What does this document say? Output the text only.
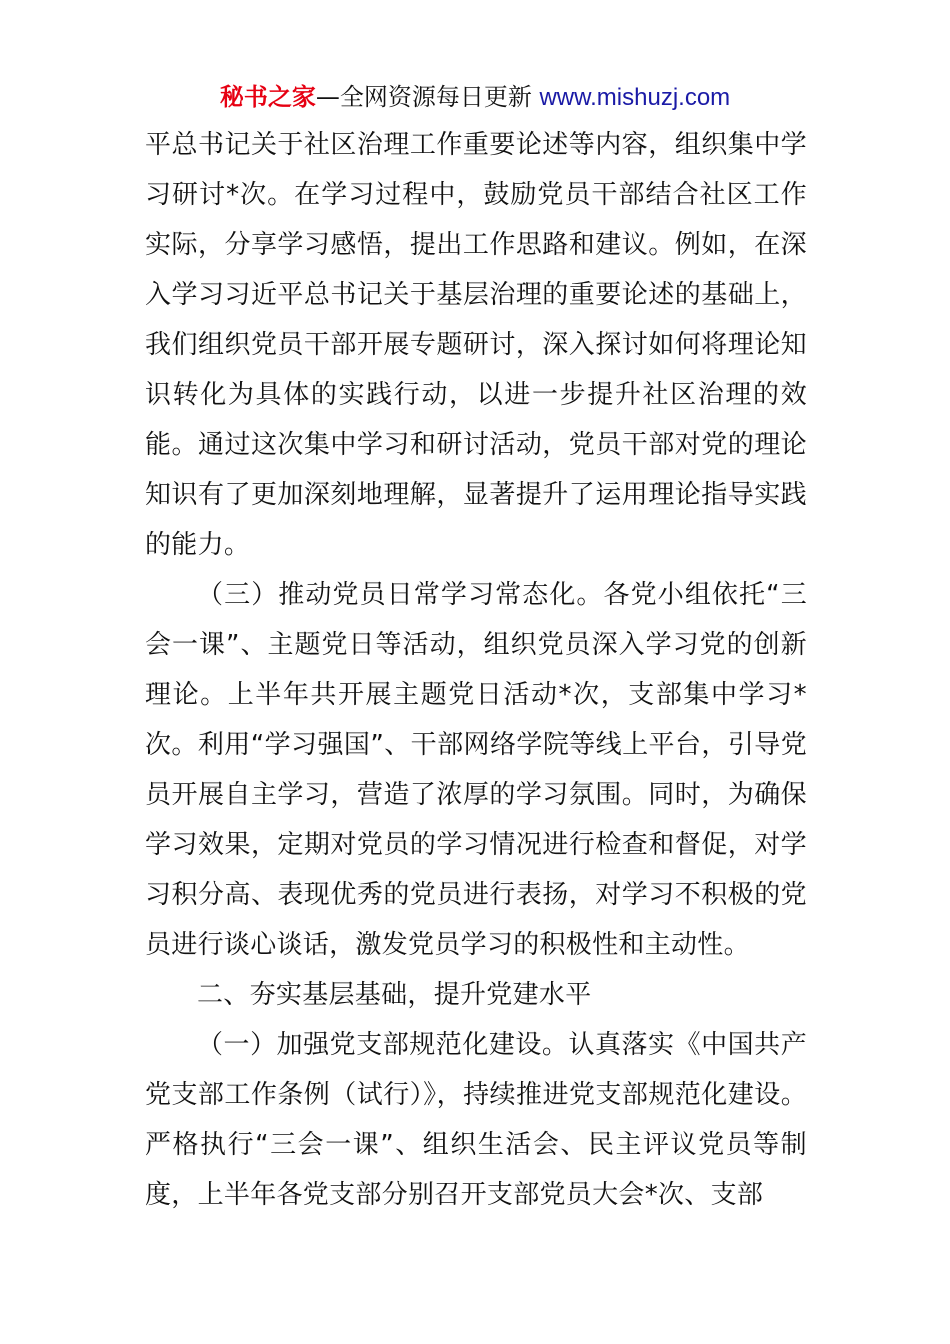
秘书之家—全网资源每日更新 www.mishuzj.com

平总书记关于社区治理工作重要论述等内容，组织集中学习研讨*次。在学习过程中，鼓励党员干部结合社区工作实际，分享学习感悟，提出工作思路和建议。例如，在深入学习习近平总书记关于基层治理的重要论述的基础上，我们组织党员干部开展专题研讨，深入探讨如何将理论知识转化为具体的实践行动，以进一步提升社区治理的效能。通过这次集中学习和研讨活动，党员干部对党的理论知识有了更加深刻地理解，显著提升了运用理论指导实践的能力。

（三）推动党员日常学习常态化。各党小组依托“三会一课”、主题党日等活动，组织党员深入学习党的创新理论。上半年共开展主题党日活动*次，支部集中学习*次。利用“学习强国”、干部网络学院等线上平台，引导党员开展自主学习，营造了浓厚的学习氛围。同时，为确保学习效果，定期对党员的学习情况进行检查和督促，对学习积分高、表现优秀的党员进行表扬，对学习不积极的党员进行谈心谈话，激发党员学习的积极性和主动性。

二、夯实基层基础，提升党建水平

（一）加强党支部规范化建设。认真落实《中国共产党支部工作条例（试行）》，持续推进党支部规范化建设。严格执行“三会一课”、组织生活会、民主评议党员等制度，上半年各党支部分别召开支部党员大会*次、支部
